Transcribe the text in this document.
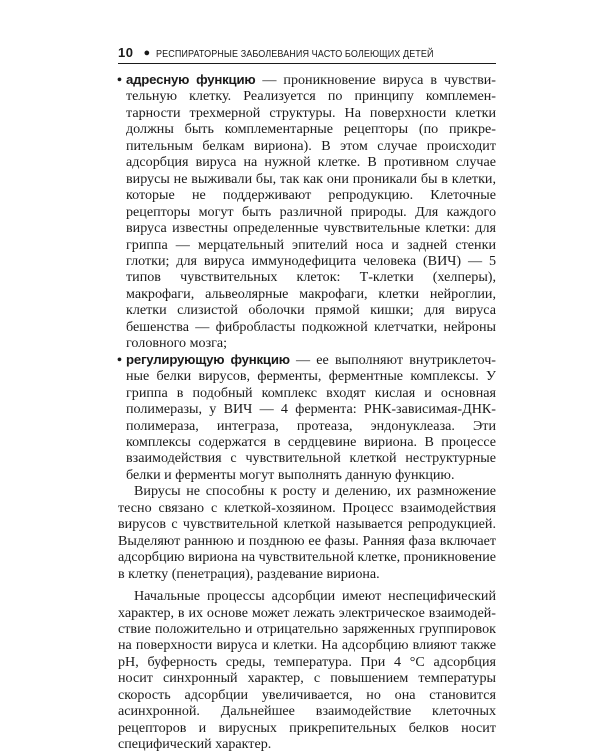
10 ● РЕСПИРАТОРНЫЕ ЗАБОЛЕВАНИЯ ЧАСТО БОЛЕЮЩИХ ДЕТЕЙ
• адресную функцию — проникновение вируса в чувствительную клетку. Реализуется по принципу комплементарности трехмерной структуры. На поверхности клетки должны быть комплементарные рецепторы (по прикрепительным белкам вириона). В этом случае происходит адсорбция вируса на нужной клетке. В противном случае вирусы не выживали бы, так как они проникали бы в клетки, которые не поддерживают репродукцию. Клеточные рецепторы могут быть различной природы. Для каждого вируса известны определенные чувствительные клетки: для гриппа — мерцательный эпителий носа и задней стенки глотки; для вируса иммунодефицита человека (ВИЧ) — 5 типов чувствительных клеток: Т-клетки (хелперы), макрофаги, альвеолярные макрофаги, клетки нейроглии, клетки слизистой оболочки прямой кишки; для вируса бешенства — фибробласты подкожной клетчатки, нейроны головного мозга;
• регулирующую функцию — ее выполняют внутриклеточные белки вирусов, ферменты, ферментные комплексы. У гриппа в подобный комплекс входят кислая и основная полимеразы, у ВИЧ — 4 фермента: РНК-зависимая-ДНК-полимераза, интеграза, протеаза, эндонуклеаза. Эти комплексы содержатся в сердцевине вириона. В процессе взаимодействия с чувствительной клеткой неструктурные белки и ферменты могут выполнять данную функцию.

Вирусы не способны к росту и делению, их размножение тесно связано с клеткой-хозяином. Процесс взаимодействия вирусов с чувствительной клеткой называется репродукцией. Выделяют раннюю и позднюю ее фазы. Ранняя фаза включает адсорбцию вириона на чувствительной клетке, проникновение в клетку (пенетрация), раздевание вириона.

Начальные процессы адсорбции имеют неспецифический характер, в их основе может лежать электрическое взаимодействие положительно и отрицательно заряженных группировок на поверхности вируса и клетки. На адсорбцию влияют также pH, буферность среды, температура. При 4 °С адсорбция носит синхронный характер, с повышением температуры скорость адсорбции увеличивается, но она становится асинхронной. Дальнейшее взаимодействие клеточных рецепторов и вирусных прикрепительных белков носит специфический характер.
